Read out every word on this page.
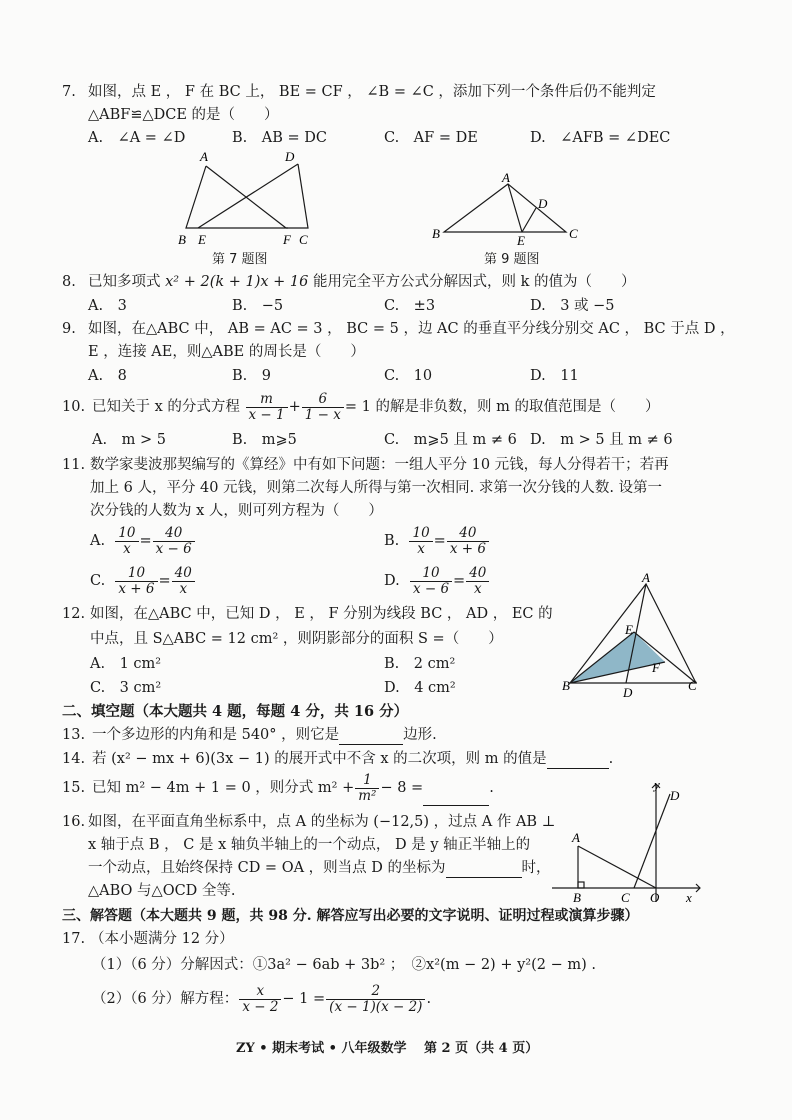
7. 如图，点 E ， F 在 BC 上， BE = CF ， ∠B = ∠C ，添加下列一个条件后仍不能判定
△ABF≌△DCE 的是（　　）
A.　∠A = ∠D	B.　AB = DC	C.　AF = DE	D.　∠AFB = ∠DEC
A	D
B E	F C
第 7 题图
A
D
B	E	C
第 9 题图
8. 已知多项式 x² + 2(k + 1)x + 16 能用完全平方公式分解因式，则 k 的值为（　　）
A.　3	B.　−5	C.　±3	D.　3 或 −5
9. 如图，在△ABC 中， AB = AC = 3 ， BC = 5 ，边 AC 的垂直平分线分别交 AC ， BC 于点 D ，
E ，连接 AE，则△ABE 的周长是（　　）
A.　8	B.　9	C.　10	D.　11
10. 已知关于 x 的分式方程 $\frac{m}{x - 1} + \frac{6}{1 - x} = 1$ 的解是非负数，则 m 的取值范围是（　　）
A.　m > 5	B.　m⩾5	C.　m⩾5 且 m ≠ 6 D.　m > 5 且 m ≠ 6
11. 数学家斐波那契编写的《算经》中有如下问题：一组人平分 10 元钱，每人分得若干；若再
加上 6 人，平分 40 元钱，则第二次每人所得与第一次相同. 求第一次分钱的人数. 设第一
次分钱的人数为 x 人，则可列方程为（　　）
A. $\frac{10}{x} = \frac{40}{x - 6}$	B. $\frac{10}{x} = \frac{40}{x + 6}$
C. $\frac{10}{x + 6} = \frac{40}{x}$	D. $\frac{10}{x - 6} = \frac{40}{x}$	A
E
F
B	D	C
12. 如图，在△ABC 中，已知 D ， E ， F 分别为线段 BC ， AD ， EC 的
中点，且 S△ABC = 12 cm² ，则阴影部分的面积 S =（　　）
A.　1 cm²	B.　2 cm²
C.　3 cm²	D.　4 cm²
二、填空题（本大题共 4 题，每题 4 分，共 16 分）
13. 一个多边形的内角和是 540° ，则它是	边形.
14. 若 (x² − mx + 6)(3x − 1) 的展开式中不含 x 的二次项，则 m 的值是	.
15. 已知 m² − 4m + 1 = 0 ，则分式 $m^2 + \frac{1}{\text{m²}} - 8$ =	.	y
D
A
B	C O x
16. 如图，在平面直角坐标系中，点 A 的坐标为 (−12,5) ，过点 A 作 AB ⊥
x 轴于点 B ， C 是 x 轴负半轴上的一个动点， D 是 y 轴正半轴上的
一个动点，且始终保持 CD = OA ，则当点 D 的坐标为	时，
△ABO 与△OCD 全等.
三、解答题（本大题共 9 题，共 98 分. 解答应写出必要的文字说明、证明过程或演算步骤）
17. （本小题满分 12 分）
（1）（6 分）分解因式：①3a² − 6ab + 3b² ；　②x²(m − 2) + y²(2 − m) .
（2）（6 分）解方程： $\frac{x}{x - 2} - 1 = \frac{2}{(x - 1)(x - 2)}$ .
ZY • 期末考试 • 八年级数学　 第 2 页（共 4 页）
